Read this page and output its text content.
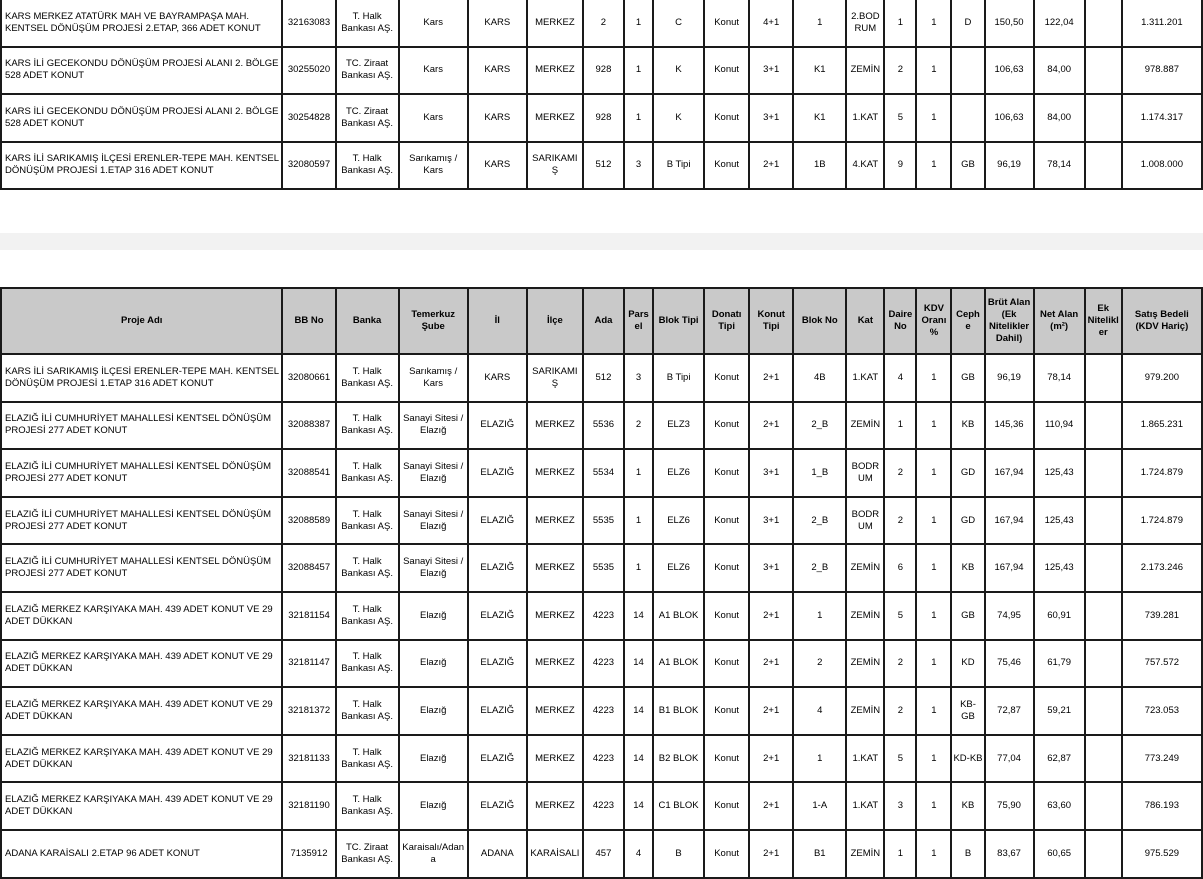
KARS MERKEZ ATATÜRK MAH VE BAYRAMPAŞA MAH. KENTSEL DÖNÜŞÜM PROJESİ 2.ETAP, 366 ADET KONUT	32163083	T. Halk Bankası AŞ.	Kars	KARS	MERKEZ	2	1	C	Konut	4+1	1	2.BOD RUM	1	1	D	150,50	122,04		1.311.201
KARS İLİ GECEKONDU DÖNÜŞÜM PROJESİ ALANI 2. BÖLGE 528 ADET KONUT	30255020	TC. Ziraat Bankası AŞ.	Kars	KARS	MERKEZ	928	1	K	Konut	3+1	K1	ZEMİN	2	1		106,63	84,00		978.887
KARS İLİ GECEKONDU DÖNÜŞÜM PROJESİ ALANI 2. BÖLGE 528 ADET KONUT	30254828	TC. Ziraat Bankası AŞ.	Kars	KARS	MERKEZ	928	1	K	Konut	3+1	K1	1.KAT	5	1		106,63	84,00		1.174.317
KARS İLİ SARIKAMIŞ İLÇESİ ERENLER-TEPE MAH. KENTSEL DÖNÜŞÜM PROJESİ 1.ETAP 316 ADET KONUT	32080597	T. Halk Bankası AŞ.	Sarıkamış / Kars	KARS	SARIKAMI Ş	512	3	B Tipi	Konut	2+1	1B	4.KAT	9	1	GB	96,19	78,14		1.008.000
Proje Adı	BB No	Banka	Temerkuz Şube	İl	İlçe	Ada	Pars el	Blok Tipi	Donatı Tipi	Konut Tipi	Blok No	Kat	Daire No	KDV Oranı %	Ceph e	Brüt Alan (Ek Nitelikler Dahil)	Net Alan (m²)	Ek Nitelikl er	Satış Bedeli (KDV Hariç)
KARS İLİ SARIKAMIŞ İLÇESİ ERENLER-TEPE MAH. KENTSEL DÖNÜŞÜM PROJESİ 1.ETAP 316 ADET KONUT	32080661	T. Halk Bankası AŞ.	Sarıkamış / Kars	KARS	SARIKAMI Ş	512	3	B Tipi	Konut	2+1	4B	1.KAT	4	1	GB	96,19	78,14		979.200
ELAZIĞ İLİ CUMHURİYET MAHALLESİ KENTSEL DÖNÜŞÜM PROJESİ 277 ADET KONUT	32088387	T. Halk Bankası AŞ.	Sanayi Sitesi / Elazığ	ELAZIĞ	MERKEZ	5536	2	ELZ3	Konut	2+1	2_B	ZEMİN	1	1	KB	145,36	110,94		1.865.231
ELAZIĞ İLİ CUMHURİYET MAHALLESİ KENTSEL DÖNÜŞÜM PROJESİ 277 ADET KONUT	32088541	T. Halk Bankası AŞ.	Sanayi Sitesi / Elazığ	ELAZIĞ	MERKEZ	5534	1	ELZ6	Konut	3+1	1_B	BODR UM	2	1	GD	167,94	125,43		1.724.879
ELAZIĞ İLİ CUMHURİYET MAHALLESİ KENTSEL DÖNÜŞÜM PROJESİ 277 ADET KONUT	32088589	T. Halk Bankası AŞ.	Sanayi Sitesi / Elazığ	ELAZIĞ	MERKEZ	5535	1	ELZ6	Konut	3+1	2_B	BODR UM	2	1	GD	167,94	125,43		1.724.879
ELAZIĞ İLİ CUMHURİYET MAHALLESİ KENTSEL DÖNÜŞÜM PROJESİ 277 ADET KONUT	32088457	T. Halk Bankası AŞ.	Sanayi Sitesi / Elazığ	ELAZIĞ	MERKEZ	5535	1	ELZ6	Konut	3+1	2_B	ZEMİN	6	1	KB	167,94	125,43		2.173.246
ELAZIĞ MERKEZ KARŞIYAKA MAH. 439 ADET KONUT VE 29 ADET DÜKKAN	32181154	T. Halk Bankası AŞ.	Elazığ	ELAZIĞ	MERKEZ	4223	14	A1 BLOK	Konut	2+1	1	ZEMİN	5	1	GB	74,95	60,91		739.281
ELAZIĞ MERKEZ KARŞIYAKA MAH. 439 ADET KONUT VE 29 ADET DÜKKAN	32181147	T. Halk Bankası AŞ.	Elazığ	ELAZIĞ	MERKEZ	4223	14	A1 BLOK	Konut	2+1	2	ZEMİN	2	1	KD	75,46	61,79		757.572
ELAZIĞ MERKEZ KARŞIYAKA MAH. 439 ADET KONUT VE 29 ADET DÜKKAN	32181372	T. Halk Bankası AŞ.	Elazığ	ELAZIĞ	MERKEZ	4223	14	B1 BLOK	Konut	2+1	4	ZEMİN	2	1	KB- GB	72,87	59,21		723.053
ELAZIĞ MERKEZ KARŞIYAKA MAH. 439 ADET KONUT VE 29 ADET DÜKKAN	32181133	T. Halk Bankası AŞ.	Elazığ	ELAZIĞ	MERKEZ	4223	14	B2 BLOK	Konut	2+1	1	1.KAT	5	1	KD-KB	77,04	62,87		773.249
ELAZIĞ MERKEZ KARŞIYAKA MAH. 439 ADET KONUT VE 29 ADET DÜKKAN	32181190	T. Halk Bankası AŞ.	Elazığ	ELAZIĞ	MERKEZ	4223	14	C1 BLOK	Konut	2+1	1-A	1.KAT	3	1	KB	75,90	63,60		786.193
ADANA KARAİSALI 2.ETAP 96 ADET KONUT	7135912	TC. Ziraat Bankası AŞ.	Karaisalı/Adan a	ADANA	KARAİSALI	457	4	B	Konut	2+1	B1	ZEMİN	1	1	B	83,67	60,65		975.529
